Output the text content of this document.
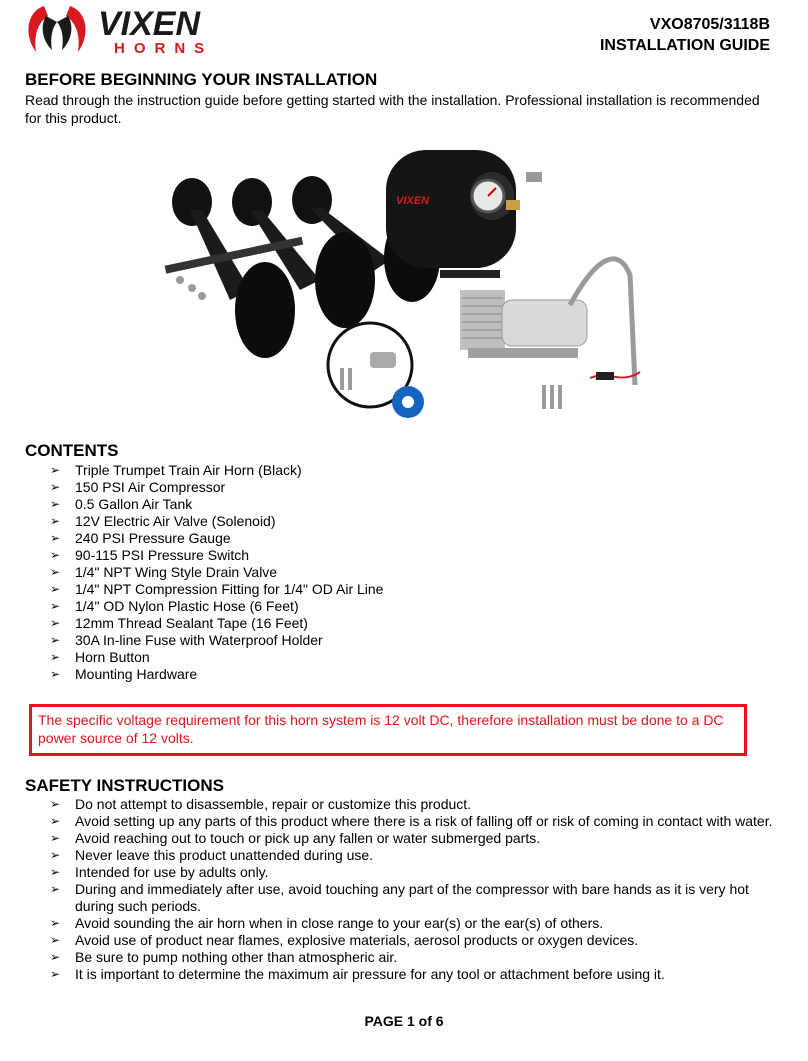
VIXEN
HORNS
VXO8705/3118B
INSTALLATION GUIDE
BEFORE BEGINNING YOUR INSTALLATION

Read through the instruction guide before getting started with the installation. Professional installation is recommended for this product.

VIXEN
CONTENTS
➢ Triple Trumpet Train Air Horn (Black)
➢ 150 PSI Air Compressor
➢ 0.5 Gallon Air Tank
➢ 12V Electric Air Valve (Solenoid)
➢ 240 PSI Pressure Gauge
➢ 90-115 PSI Pressure Switch
➢ 1/4" NPT Wing Style Drain Valve
➢ 1/4" NPT Compression Fitting for 1/4" OD Air Line
➢ 1/4" OD Nylon Plastic Hose (6 Feet)
➢ 12mm Thread Sealant Tape (16 Feet)
➢ 30A In-line Fuse with Waterproof Holder
➢ Horn Button
➢ Mounting Hardware
The specific voltage requirement for this horn system is 12 volt DC, therefore installation must be done to a DC power source of 12 volts.
SAFETY INSTRUCTIONS
➢ Do not attempt to disassemble, repair or customize this product.
➢ Avoid setting up any parts of this product where there is a risk of falling off or risk of coming in contact with water.
➢ Avoid reaching out to touch or pick up any fallen or water submerged parts.
➢ Never leave this product unattended during use.
➢ Intended for use by adults only.
➢ During and immediately after use, avoid touching any part of the compressor with bare hands as it is very hot during such periods.
➢ Avoid sounding the air horn when in close range to your ear(s) or the ear(s) of others.
➢ Avoid use of product near flames, explosive materials, aerosol products or oxygen devices.
➢ Be sure to pump nothing other than atmospheric air.
➢ It is important to determine the maximum air pressure for any tool or attachment before using it.
PAGE 1 of 6
